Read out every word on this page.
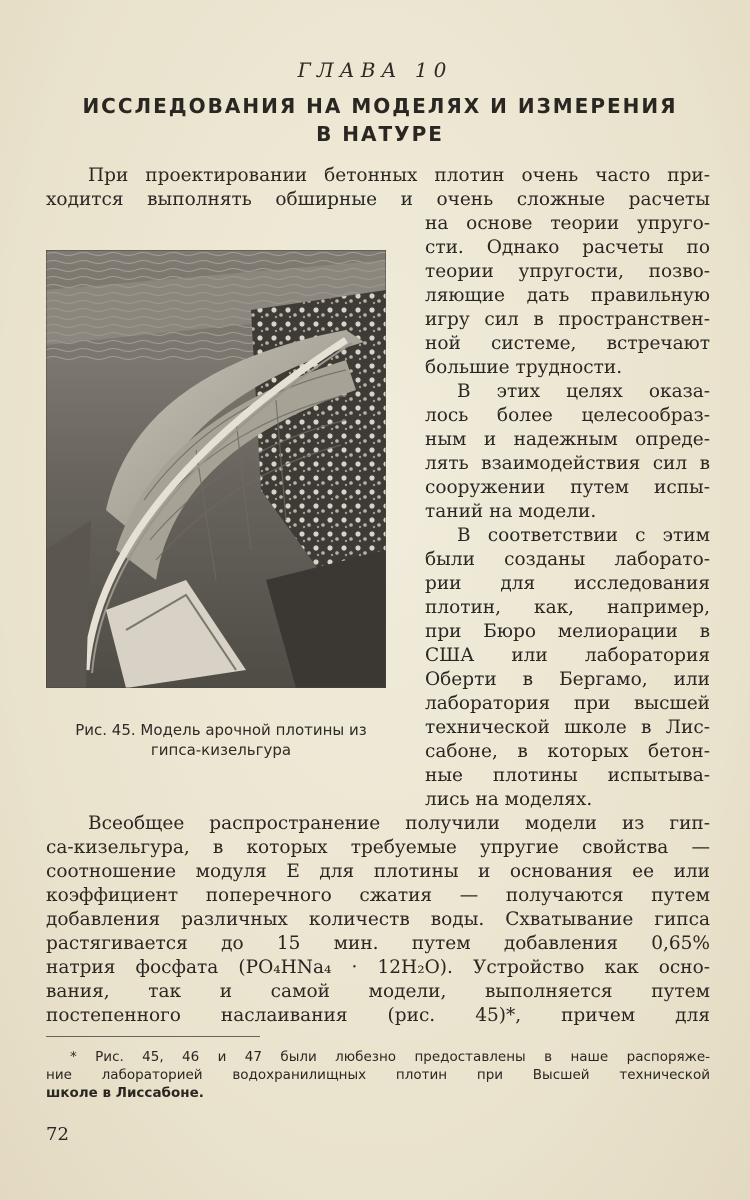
ГЛАВА 10
ИССЛЕДОВАНИЯ НА МОДЕЛЯХ И ИЗМЕРЕНИЯ
В НАТУРЕ
При проектировании бетонных плотин очень часто при-
ходится выполнять обширные и очень сложные расчеты
на основе теории упруго-
сти. Однако расчеты по
теории упругости, позво-
ляющие дать правильную
игру сил в пространствен-
ной системе, встречают
большие трудности.
В этих целях оказа-
лось более целесообраз-
ным и надежным опреде-
лять взаимодействия сил в
сооружении путем испы-
таний на модели.
В соответствии с этим
были созданы лаборато-
рии для исследования
плотин, как, например,
при Бюро мелиорации в
США или лаборатория
Оберти в Бергамо, или
лаборатория при высшей
технической школе в Лис-
сабоне, в которых бетон-
ные плотины испытыва-
лись на моделях.
Рис. 45. Модель арочной плотины из
гипса-кизельгура
Всеобщее распространение получили модели из гип-
са-кизельгура, в которых требуемые упругие свойства —
соотношение модуля E для плотины и основания ее или
коэффициент поперечного сжатия — получаются путем
добавления различных количеств воды. Схватывание гипса
растягивается до 15 мин. путем добавления 0,65%
натрия фосфата (PO₄HNa₄ · 12H₂O). Устройство как осно-
вания, так и самой модели, выполняется путем
постепенного наслаивания (рис. 45)*, причем для
* Рис. 45, 46 и 47 были любезно предоставлены в наше распоряже-
ние лабораторией водохранилищных плотин при Высшей технической
школе в Лиссабоне.
72
